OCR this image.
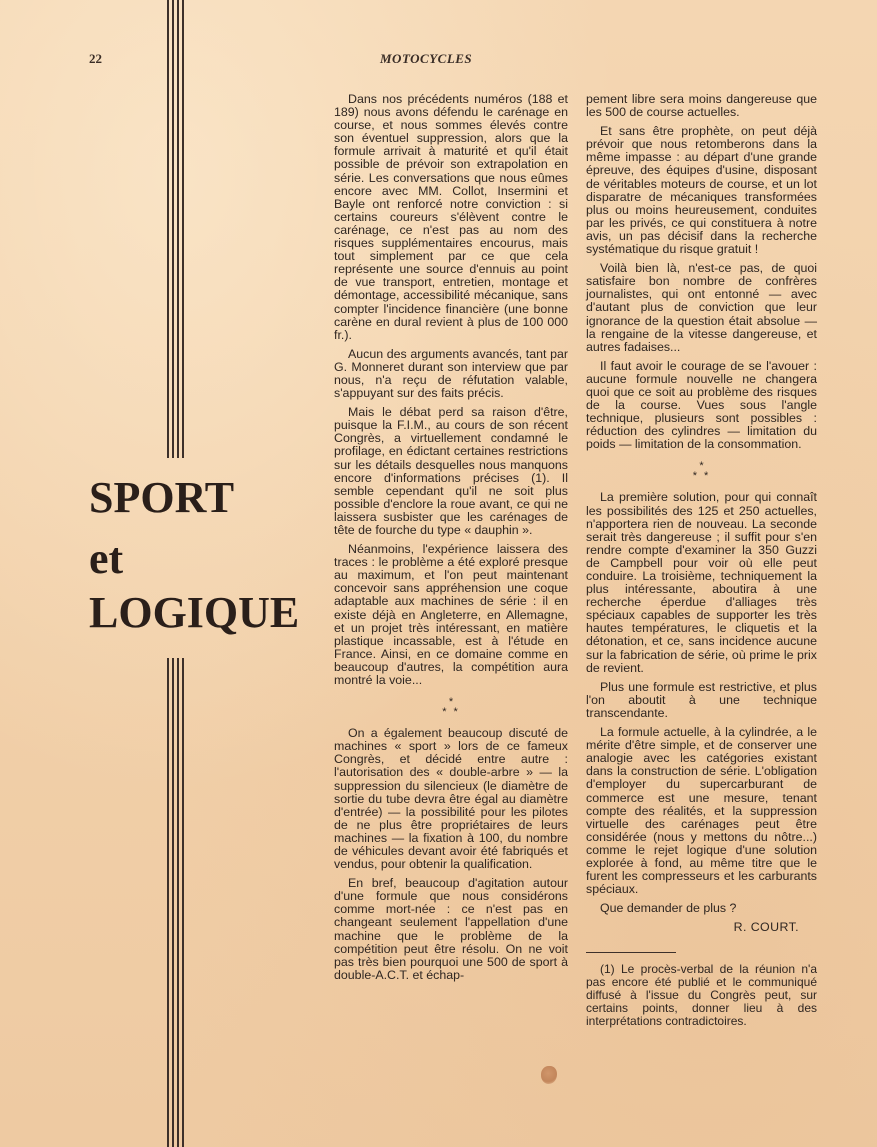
22	MOTOCYCLES
SPORT
et
LOGIQUE

Dans nos précédents numéros (188 et 189) nous avons défendu le carénage en course, et nous sommes élevés contre son éventuel suppression, alors que la formule arrivait à maturité et qu'il était possible de prévoir son extrapolation en série. Les conversations que nous eûmes encore avec MM. Collot, Insermini et Bayle ont renforcé notre conviction : si certains coureurs s'élèvent contre le carénage, ce n'est pas au nom des risques supplémentaires encourus, mais tout simplement par ce que cela représente une source d'ennuis au point de vue transport, entretien, montage et démontage, accessibilité mécanique, sans compter l'incidence financière (une bonne carène en dural revient à plus de 100 000 fr.).

Aucun des arguments avancés, tant par G. Monneret durant son interview que par nous, n'a reçu de réfutation valable, s'appuyant sur des faits précis.

Mais le débat perd sa raison d'être, puisque la F.I.M., au cours de son récent Congrès, a virtuellement condamné le profilage, en édictant certaines restrictions sur les détails desquelles nous manquons encore d'informations précises (1). Il semble cependant qu'il ne soit plus possible d'enclore la roue avant, ce qui ne laissera susbister que les carénages de tête de fourche du type « dauphin ».

Néanmoins, l'expérience laissera des traces : le problème a été exploré presque au maximum, et l'on peut maintenant concevoir sans appréhension une coque adaptable aux machines de série : il en existe déjà en Angleterre, en Allemagne, et un projet très intéressant, en matière plastique incassable, est à l'étude en France. Ainsi, en ce domaine comme en beaucoup d'autres, la compétition aura montré la voie...

*
* *

On a également beaucoup discuté de machines « sport » lors de ce fameux Congrès, et décidé entre autre : l'autorisation des « double-arbre » — la suppression du silencieux (le diamètre de sortie du tube devra être égal au diamètre d'entrée) — la possibilité pour les pilotes de ne plus être propriétaires de leurs machines — la fixation à 100, du nombre de véhicules devant avoir été fabriqués et vendus, pour obtenir la qualification.

En bref, beaucoup d'agitation autour d'une formule que nous considérons comme mort-née : ce n'est pas en changeant seulement l'appellation d'une machine que le problème de la compétition peut être résolu. On ne voit pas très bien pourquoi une 500 de sport à double-A.C.T. et échap-

pement libre sera moins dangereuse que les 500 de course actuelles.

Et sans être prophète, on peut déjà prévoir que nous retomberons dans la même impasse : au départ d'une grande épreuve, des équipes d'usine, disposant de véritables moteurs de course, et un lot disparatre de mécaniques transformées plus ou moins heureusement, conduites par les privés, ce qui constituera à notre avis, un pas décisif dans la recherche systématique du risque gratuit !

Voilà bien là, n'est-ce pas, de quoi satisfaire bon nombre de confrères journalistes, qui ont entonné — avec d'autant plus de conviction que leur ignorance de la question était absolue — la rengaine de la vitesse dangereuse, et autres fadaises...

Il faut avoir le courage de se l'avouer : aucune formule nouvelle ne changera quoi que ce soit au problème des risques de la course. Vues sous l'angle technique, plusieurs sont possibles : réduction des cylindres — limitation du poids — limitation de la consommation.

*
* *

La première solution, pour qui connaît les possibilités des 125 et 250 actuelles, n'apportera rien de nouveau. La seconde serait très dangereuse ; il suffit pour s'en rendre compte d'examiner la 350 Guzzi de Campbell pour voir où elle peut conduire. La troisième, techniquement la plus intéressante, aboutira à une recherche éperdue d'alliages très spéciaux capables de supporter les très hautes températures, le cliquetis et la détonation, et ce, sans incidence aucune sur la fabrication de série, où prime le prix de revient.

Plus une formule est restrictive, et plus l'on aboutit à une technique transcendante.

La formule actuelle, à la cylindrée, a le mérite d'être simple, et de conserver une analogie avec les catégories existant dans la construction de série. L'obligation d'employer du supercarburant de commerce est une mesure, tenant compte des réalités, et la suppression virtuelle des carénages peut être considérée (nous y mettons du nôtre...) comme le rejet logique d'une solution explorée à fond, au même titre que le furent les compresseurs et les carburants spéciaux.

Que demander de plus ?

R. COURT.

(1) Le procès-verbal de la réunion n'a pas encore été publié et le communiqué diffusé à l'issue du Congrès peut, sur certains points, donner lieu à des interprétations contradictoires.
